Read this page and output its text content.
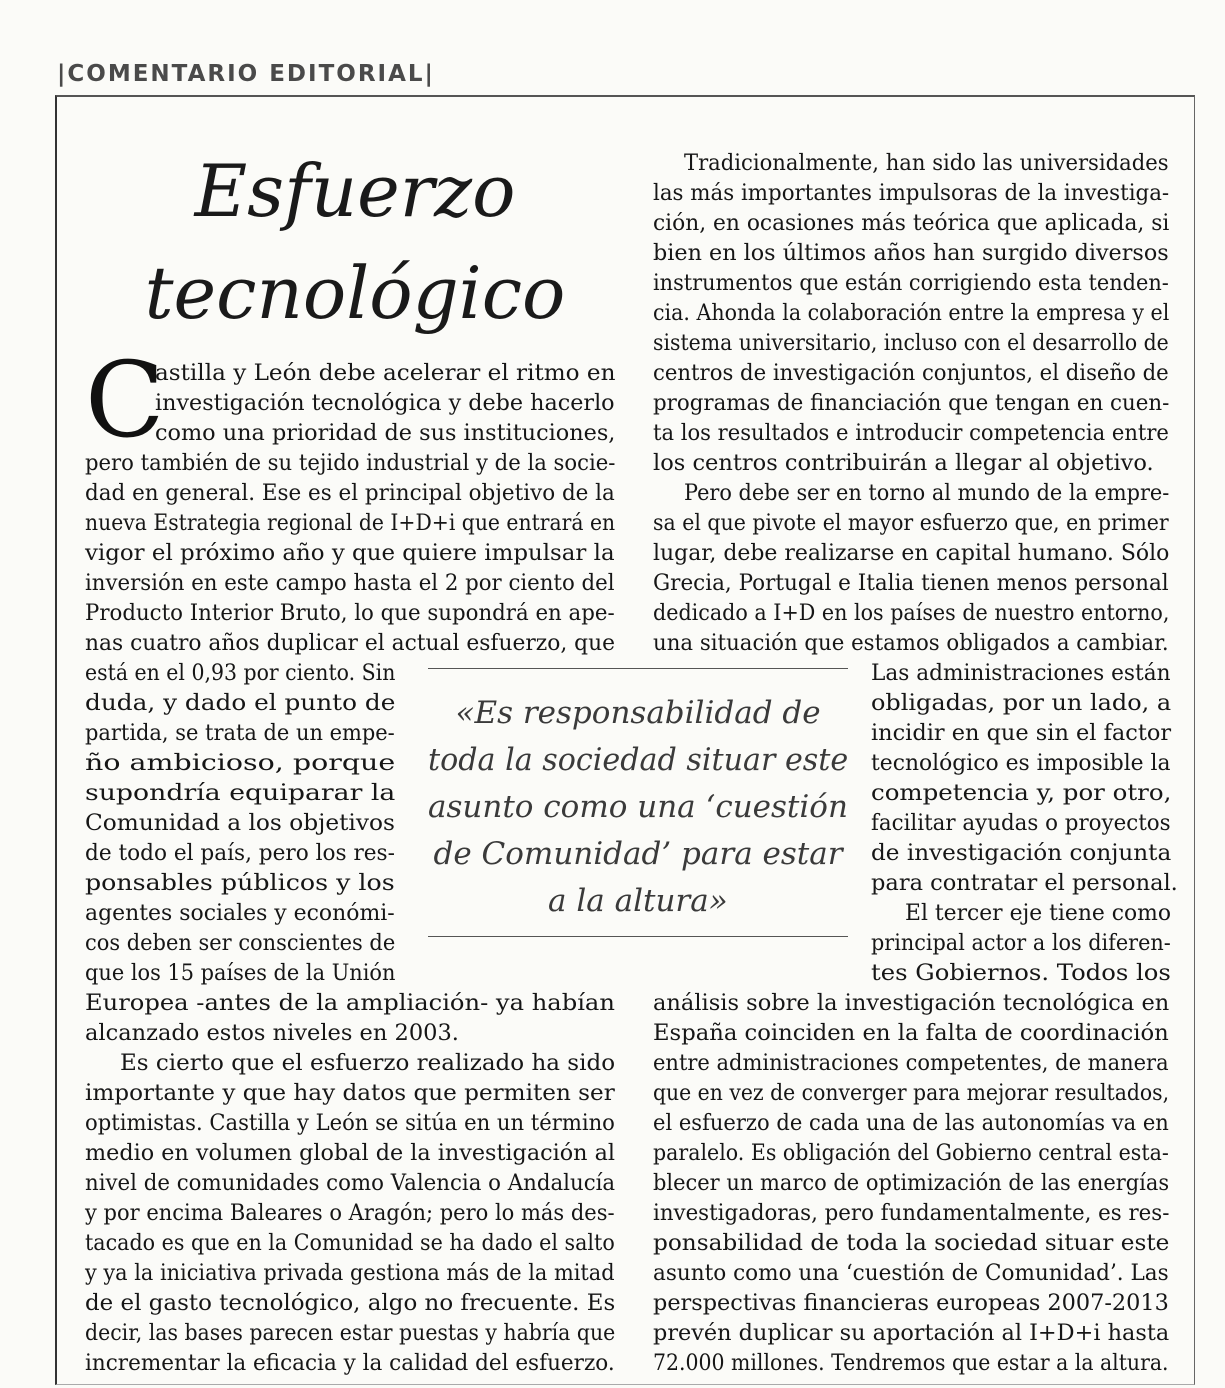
|COMENTARIO EDITORIAL|
Esfuerzo
tecnológico
C
astilla y León debe acelerar el ritmo en
investigación tecnológica y debe hacerlo
como una prioridad de sus instituciones,
pero también de su tejido industrial y de la socie-
dad en general. Ese es el principal objetivo de la
nueva Estrategia regional de I+D+i que entrará en
vigor el próximo año y que quiere impulsar la
inversión en este campo hasta el 2 por ciento del
Producto Interior Bruto, lo que supondrá en ape-
nas cuatro años duplicar el actual esfuerzo, que
está en el 0,93 por ciento. Sin
duda, y dado el punto de
partida, se trata de un empe-
ño ambicioso, porque
supondría equiparar la
Comunidad a los objetivos
de todo el país, pero los res-
ponsables públicos y los
agentes sociales y económi-
cos deben ser conscientes de
que los 15 países de la Unión
Europea -antes de la ampliación- ya habían
alcanzado estos niveles en 2003.
Es cierto que el esfuerzo realizado ha sido
importante y que hay datos que permiten ser
optimistas. Castilla y León se sitúa en un término
medio en volumen global de la investigación al
nivel de comunidades como Valencia o Andalucía
y por encima Baleares o Aragón; pero lo más des-
tacado es que en la Comunidad se ha dado el salto
y ya la iniciativa privada gestiona más de la mitad
de el gasto tecnológico, algo no frecuente. Es
decir, las bases parecen estar puestas y habría que
incrementar la eficacia y la calidad del esfuerzo.
Tradicionalmente, han sido las universidades
las más importantes impulsoras de la investiga-
ción, en ocasiones más teórica que aplicada, si
bien en los últimos años han surgido diversos
instrumentos que están corrigiendo esta tenden-
cia. Ahonda la colaboración entre la empresa y el
sistema universitario, incluso con el desarrollo de
centros de investigación conjuntos, el diseño de
programas de financiación que tengan en cuen-
ta los resultados e introducir competencia entre
los centros contribuirán a llegar al objetivo.
Pero debe ser en torno al mundo de la empre-
sa el que pivote el mayor esfuerzo que, en primer
lugar, debe realizarse en capital humano. Sólo
Grecia, Portugal e Italia tienen menos personal
dedicado a I+D en los países de nuestro entorno,
una situación que estamos obligados a cambiar.
Las administraciones están
obligadas, por un lado, a
incidir en que sin el factor
tecnológico es imposible la
competencia y, por otro,
facilitar ayudas o proyectos
de investigación conjunta
para contratar el personal.
El tercer eje tiene como
principal actor a los diferen-
tes Gobiernos. Todos los
análisis sobre la investigación tecnológica en
España coinciden en la falta de coordinación
entre administraciones competentes, de manera
que en vez de converger para mejorar resultados,
el esfuerzo de cada una de las autonomías va en
paralelo. Es obligación del Gobierno central esta-
blecer un marco de optimización de las energías
investigadoras, pero fundamentalmente, es res-
ponsabilidad de toda la sociedad situar este
asunto como una ‘cuestión de Comunidad’. Las
perspectivas financieras europeas 2007-2013
prevén duplicar su aportación al I+D+i hasta
72.000 millones. Tendremos que estar a la altura.
«Es responsabilidad de
toda la sociedad situar este
asunto como una ‘cuestión
de Comunidad’ para estar
a la altura»
